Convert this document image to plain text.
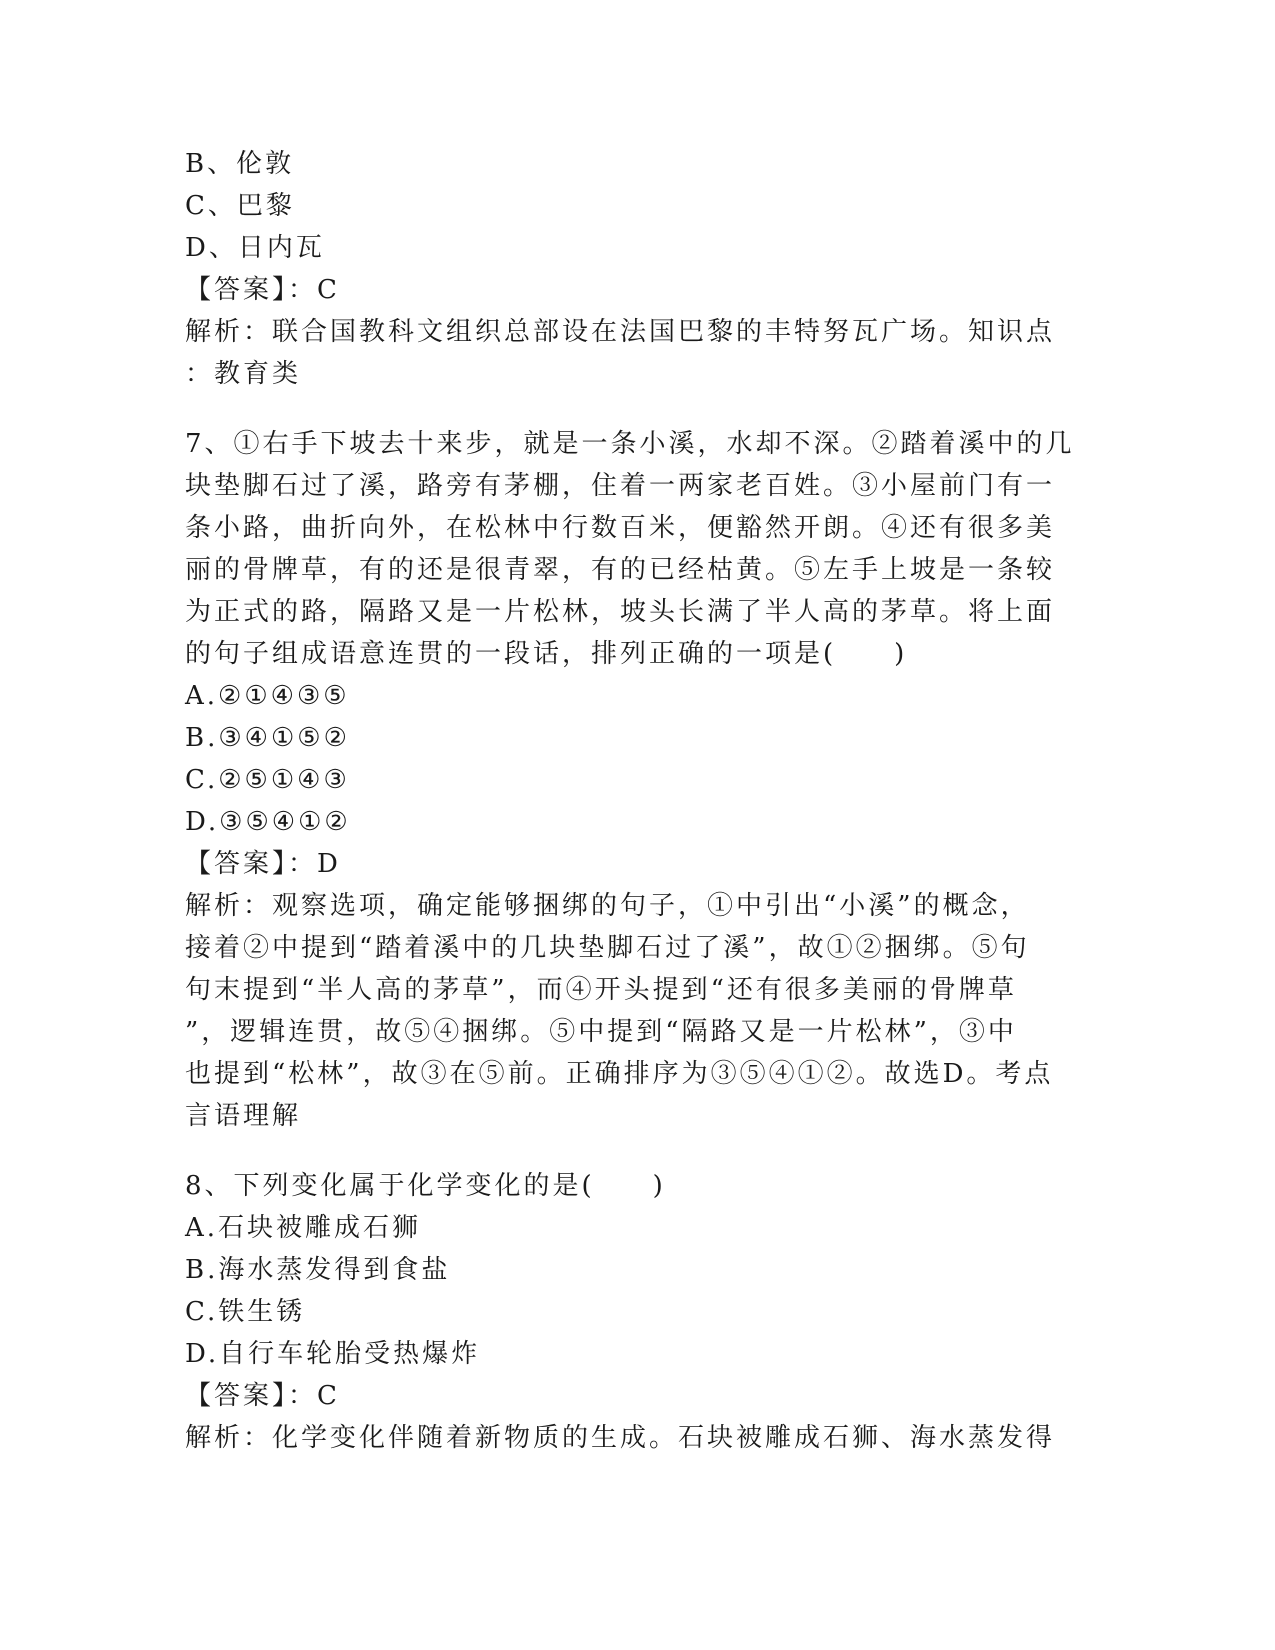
B、伦敦
C、巴黎
D、日内瓦
【答案】：C
解析：联合国教科文组织总部设在法国巴黎的丰特努瓦广场。知识点
：教育类
7、①右手下坡去十来步，就是一条小溪，水却不深。②踏着溪中的几
块垫脚石过了溪，路旁有茅棚，住着一两家老百姓。③小屋前门有一
条小路，曲折向外，在松林中行数百米，便豁然开朗。④还有很多美
丽的骨牌草，有的还是很青翠，有的已经枯黄。⑤左手上坡是一条较
为正式的路，隔路又是一片松林，坡头长满了半人高的茅草。将上面
的句子组成语意连贯的一段话，排列正确的一项是(　　)
A.②①④③⑤
B.③④①⑤②
C.②⑤①④③
D.③⑤④①②
【答案】：D
解析：观察选项，确定能够捆绑的句子，①中引出“小溪”的概念，
接着②中提到“踏着溪中的几块垫脚石过了溪”，故①②捆绑。⑤句
句末提到“半人高的茅草”，而④开头提到“还有很多美丽的骨牌草
”，逻辑连贯，故⑤④捆绑。⑤中提到“隔路又是一片松林”，③中
也提到“松林”，故③在⑤前。正确排序为③⑤④①②。故选D。考点
言语理解
8、下列变化属于化学变化的是(　　)
A.石块被雕成石狮
B.海水蒸发得到食盐
C.铁生锈
D.自行车轮胎受热爆炸
【答案】：C
解析：化学变化伴随着新物质的生成。石块被雕成石狮、海水蒸发得
